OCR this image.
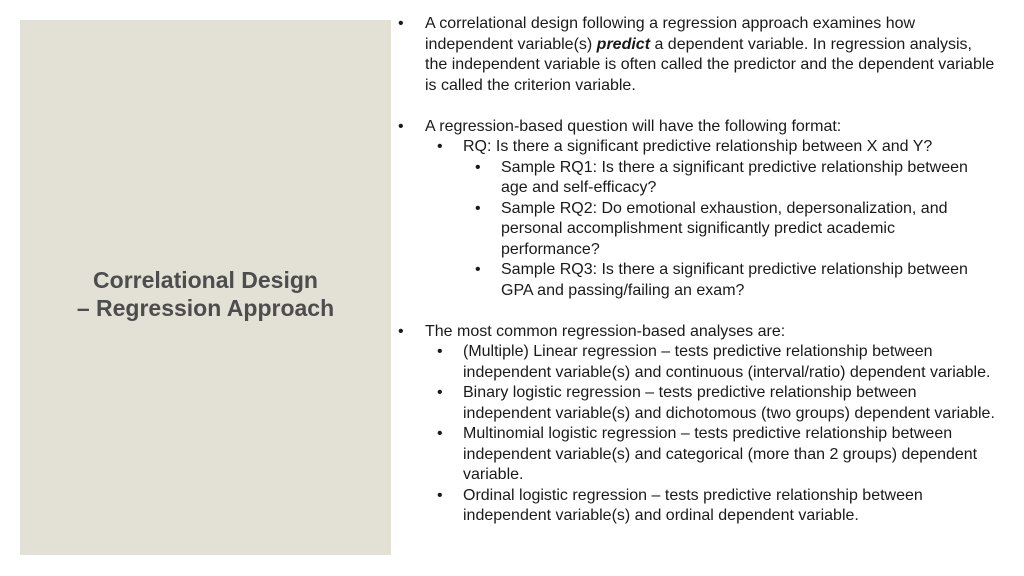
Correlational Design
– Regression Approach
• A correlational design following a regression approach examines how independent variable(s) predict a dependent variable. In regression analysis, the independent variable is often called the predictor and the dependent variable is called the criterion variable.
• A regression-based question will have the following format:
• RQ: Is there a significant predictive relationship between X and Y?
• Sample RQ1: Is there a significant predictive relationship between age and self-efficacy?
• Sample RQ2: Do emotional exhaustion, depersonalization, and personal accomplishment significantly predict academic performance?
• Sample RQ3: Is there a significant predictive relationship between GPA and passing/failing an exam?
• The most common regression-based analyses are:
• (Multiple) Linear regression – tests predictive relationship between independent variable(s) and continuous (interval/ratio) dependent variable.
• Binary logistic regression – tests predictive relationship between independent variable(s) and dichotomous (two groups) dependent variable.
• Multinomial logistic regression – tests predictive relationship between independent variable(s) and categorical (more than 2 groups) dependent variable.
• Ordinal logistic regression – tests predictive relationship between independent variable(s) and ordinal dependent variable.
